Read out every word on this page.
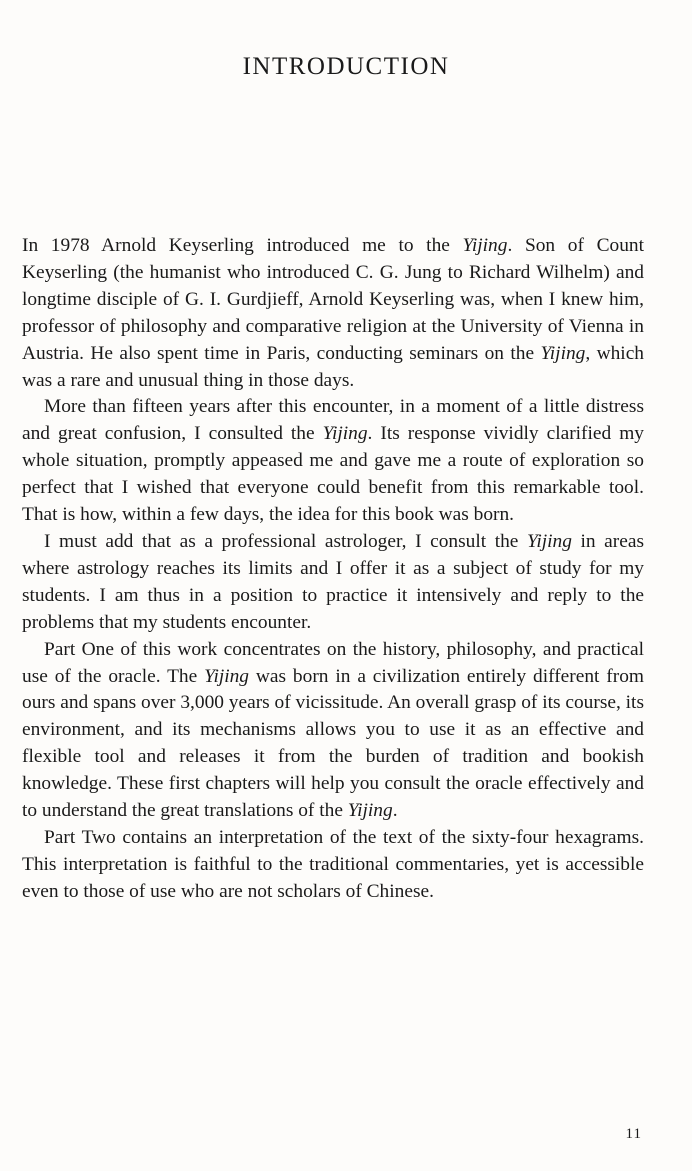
INTRODUCTION

In 1978 Arnold Keyserling introduced me to the Yijing. Son of Count Keyserling (the humanist who introduced C. G. Jung to Richard Wilhelm) and longtime disciple of G. I. Gurdjieff, Arnold Keyserling was, when I knew him, professor of philosophy and comparative religion at the University of Vienna in Austria. He also spent time in Paris, conducting seminars on the Yijing, which was a rare and unusual thing in those days.

More than fifteen years after this encounter, in a moment of a little distress and great confusion, I consulted the Yijing. Its response vividly clarified my whole situation, promptly appeased me and gave me a route of exploration so perfect that I wished that everyone could benefit from this remarkable tool. That is how, within a few days, the idea for this book was born.

I must add that as a professional astrologer, I consult the Yijing in areas where astrology reaches its limits and I offer it as a subject of study for my students. I am thus in a position to practice it intensively and reply to the problems that my students encounter.

Part One of this work concentrates on the history, philosophy, and practical use of the oracle. The Yijing was born in a civilization entirely different from ours and spans over 3,000 years of vicissitude. An overall grasp of its course, its environment, and its mechanisms allows you to use it as an effective and flexible tool and releases it from the burden of tradition and bookish knowledge. These first chapters will help you consult the oracle effectively and to understand the great translations of the Yijing.

Part Two contains an interpretation of the text of the sixty-four hexagrams. This interpretation is faithful to the traditional commentaries, yet is accessible even to those of use who are not scholars of Chinese.

11
